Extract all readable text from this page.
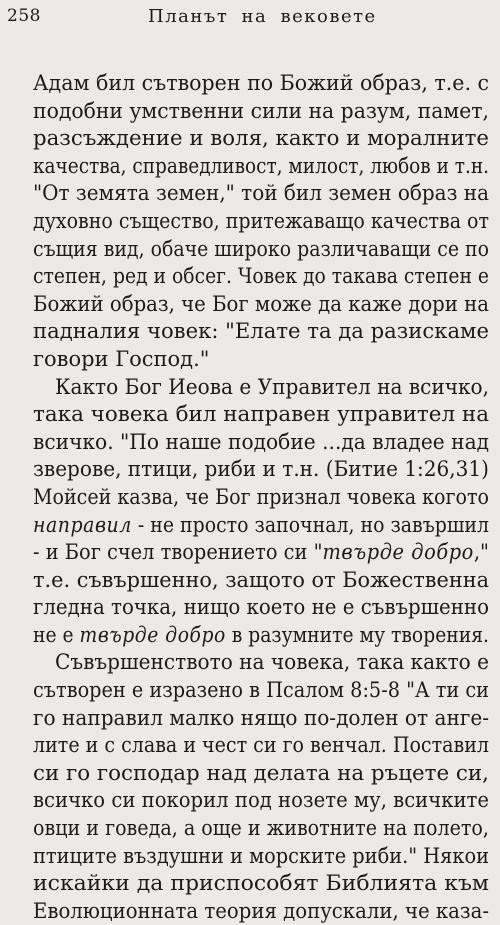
258	Планът на вековете
Адам бил сътворен по Божий образ, т.е. с
подобни умственни сили на разум, памет,
разсъждение и воля, както и моралните
качества, справедливост, милост, любов и т.н.
"От земята земен," той бил земен образ на
духовно същество, притежаващо качества от
същия вид, обаче широко различаващи се по
степен, ред и обсег. Човек до такава степен е
Божий образ, че Бог може да каже дори на
падналия човек: "Елате та да разискаме
говори Господ."
Както Бог Иеова е Управител на всичко,
така човека бил направен управител на
всичко. "По наше подобие ...да владее над
зверове, птици, риби и т.н. (Битие 1:26,31)
Мойсей казва, че Бог признал човека когото
направил - не просто започнал, но завършил
- и Бог счел творението си "твърде добро,"
т.е. съвършенно, защото от Божественна
гледна точка, нищо което не е съвършенно
не е твърде добро в разумните му творения.
Съвършенството на човека, така както е
сътворен е изразено в Псалом 8:5-8 "А ти си
го направил малко нящо по-долен от анге-
лите и с слава и чест си го венчал. Поставил
си го господар над делата на ръцете си,
всичко си покорил под нозете му, всичките
овци и говеда, а още и животните на полето,
птиците въздушни и морските риби." Някои
искайки да приспособят Библията към
Еволюционната теория допускали, че каза-
